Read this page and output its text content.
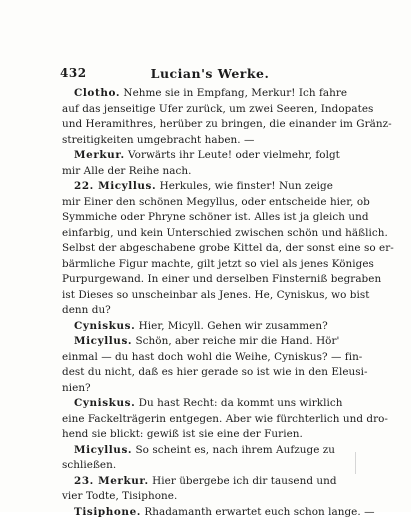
432	Lucian's Werke.
Clotho. Nehme sie in Empfang, Merkur! Ich fahre
auf das jenseitige Ufer zurück, um zwei Seeren, Indopates
und Heramithres, herüber zu bringen, die einander im Gränz-
streitigkeiten umgebracht haben. —
Merkur. Vorwärts ihr Leute! oder vielmehr, folgt
mir Alle der Reihe nach.
22. Micyllus. Herkules, wie finster! Nun zeige
mir Einer den schönen Megyllus, oder entscheide hier, ob
Symmiche oder Phryne schöner ist. Alles ist ja gleich und
einfarbig, und kein Unterschied zwischen schön und häßlich.
Selbst der abgeschabene grobe Kittel da, der sonst eine so er-
bärmliche Figur machte, gilt jetzt so viel als jenes Königes
Purpurgewand. In einer und derselben Finsterniß begraben
ist Dieses so unscheinbar als Jenes. He, Cyniskus, wo bist
denn du?
Cyniskus. Hier, Micyll. Gehen wir zusammen?
Micyllus. Schön, aber reiche mir die Hand. Hör'
einmal — du hast doch wohl die Weihe, Cyniskus? — fin-
dest du nicht, daß es hier gerade so ist wie in den Eleusi-
nien?
Cyniskus. Du hast Recht: da kommt uns wirklich
eine Fackelträgerin entgegen. Aber wie fürchterlich und dro-
hend sie blickt: gewiß ist sie eine der Furien.
Micyllus. So scheint es, nach ihrem Aufzuge zu
schließen.
23. Merkur. Hier übergebe ich dir tausend und
vier Todte, Tisiphone.
Tisiphone. Rhadamanth erwartet euch schon lange. —
